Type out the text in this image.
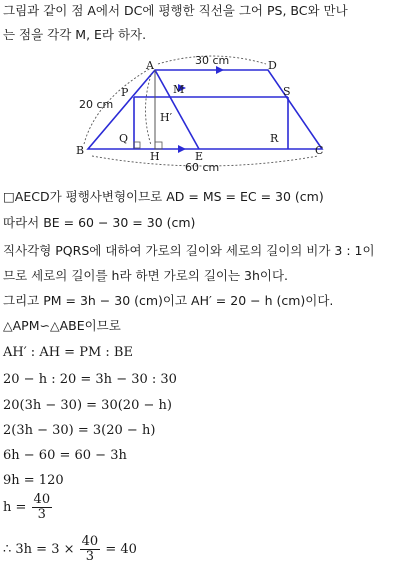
그림과 같이 점 A에서 DC에 평행한 직선을 그어 PS, BC와 만나
는 점을 각각 M, E라 하자.
A	D
P	M	S
H′
Q	R
B	H	E	C
30 cm
20 cm
60 cm
□AECD가 평행사변형이므로 AD = MS = EC = 30 (cm)
따라서 BE = 60 − 30 = 30 (cm)
직사각형 PQRS에 대하여 가로의 길이와 세로의 길이의 비가 3 : 1이
므로 세로의 길이를 h라 하면 가로의 길이는 3h이다.
그리고 PM = 3h − 30 (cm)이고 AH′ = 20 − h (cm)이다.
△APM∽△ABE이므로
AH′ : AH = PM : BE
20 − h : 20 = 3h − 30 : 30
20(3h − 30) = 30(20 − h)
2(3h − 30) = 3(20 − h)
6h − 60 = 60 − 3h
9h = 120
$h = \frac{40}{3}$
∴ $3h = 3 \times \frac{40}{3} = 40$
